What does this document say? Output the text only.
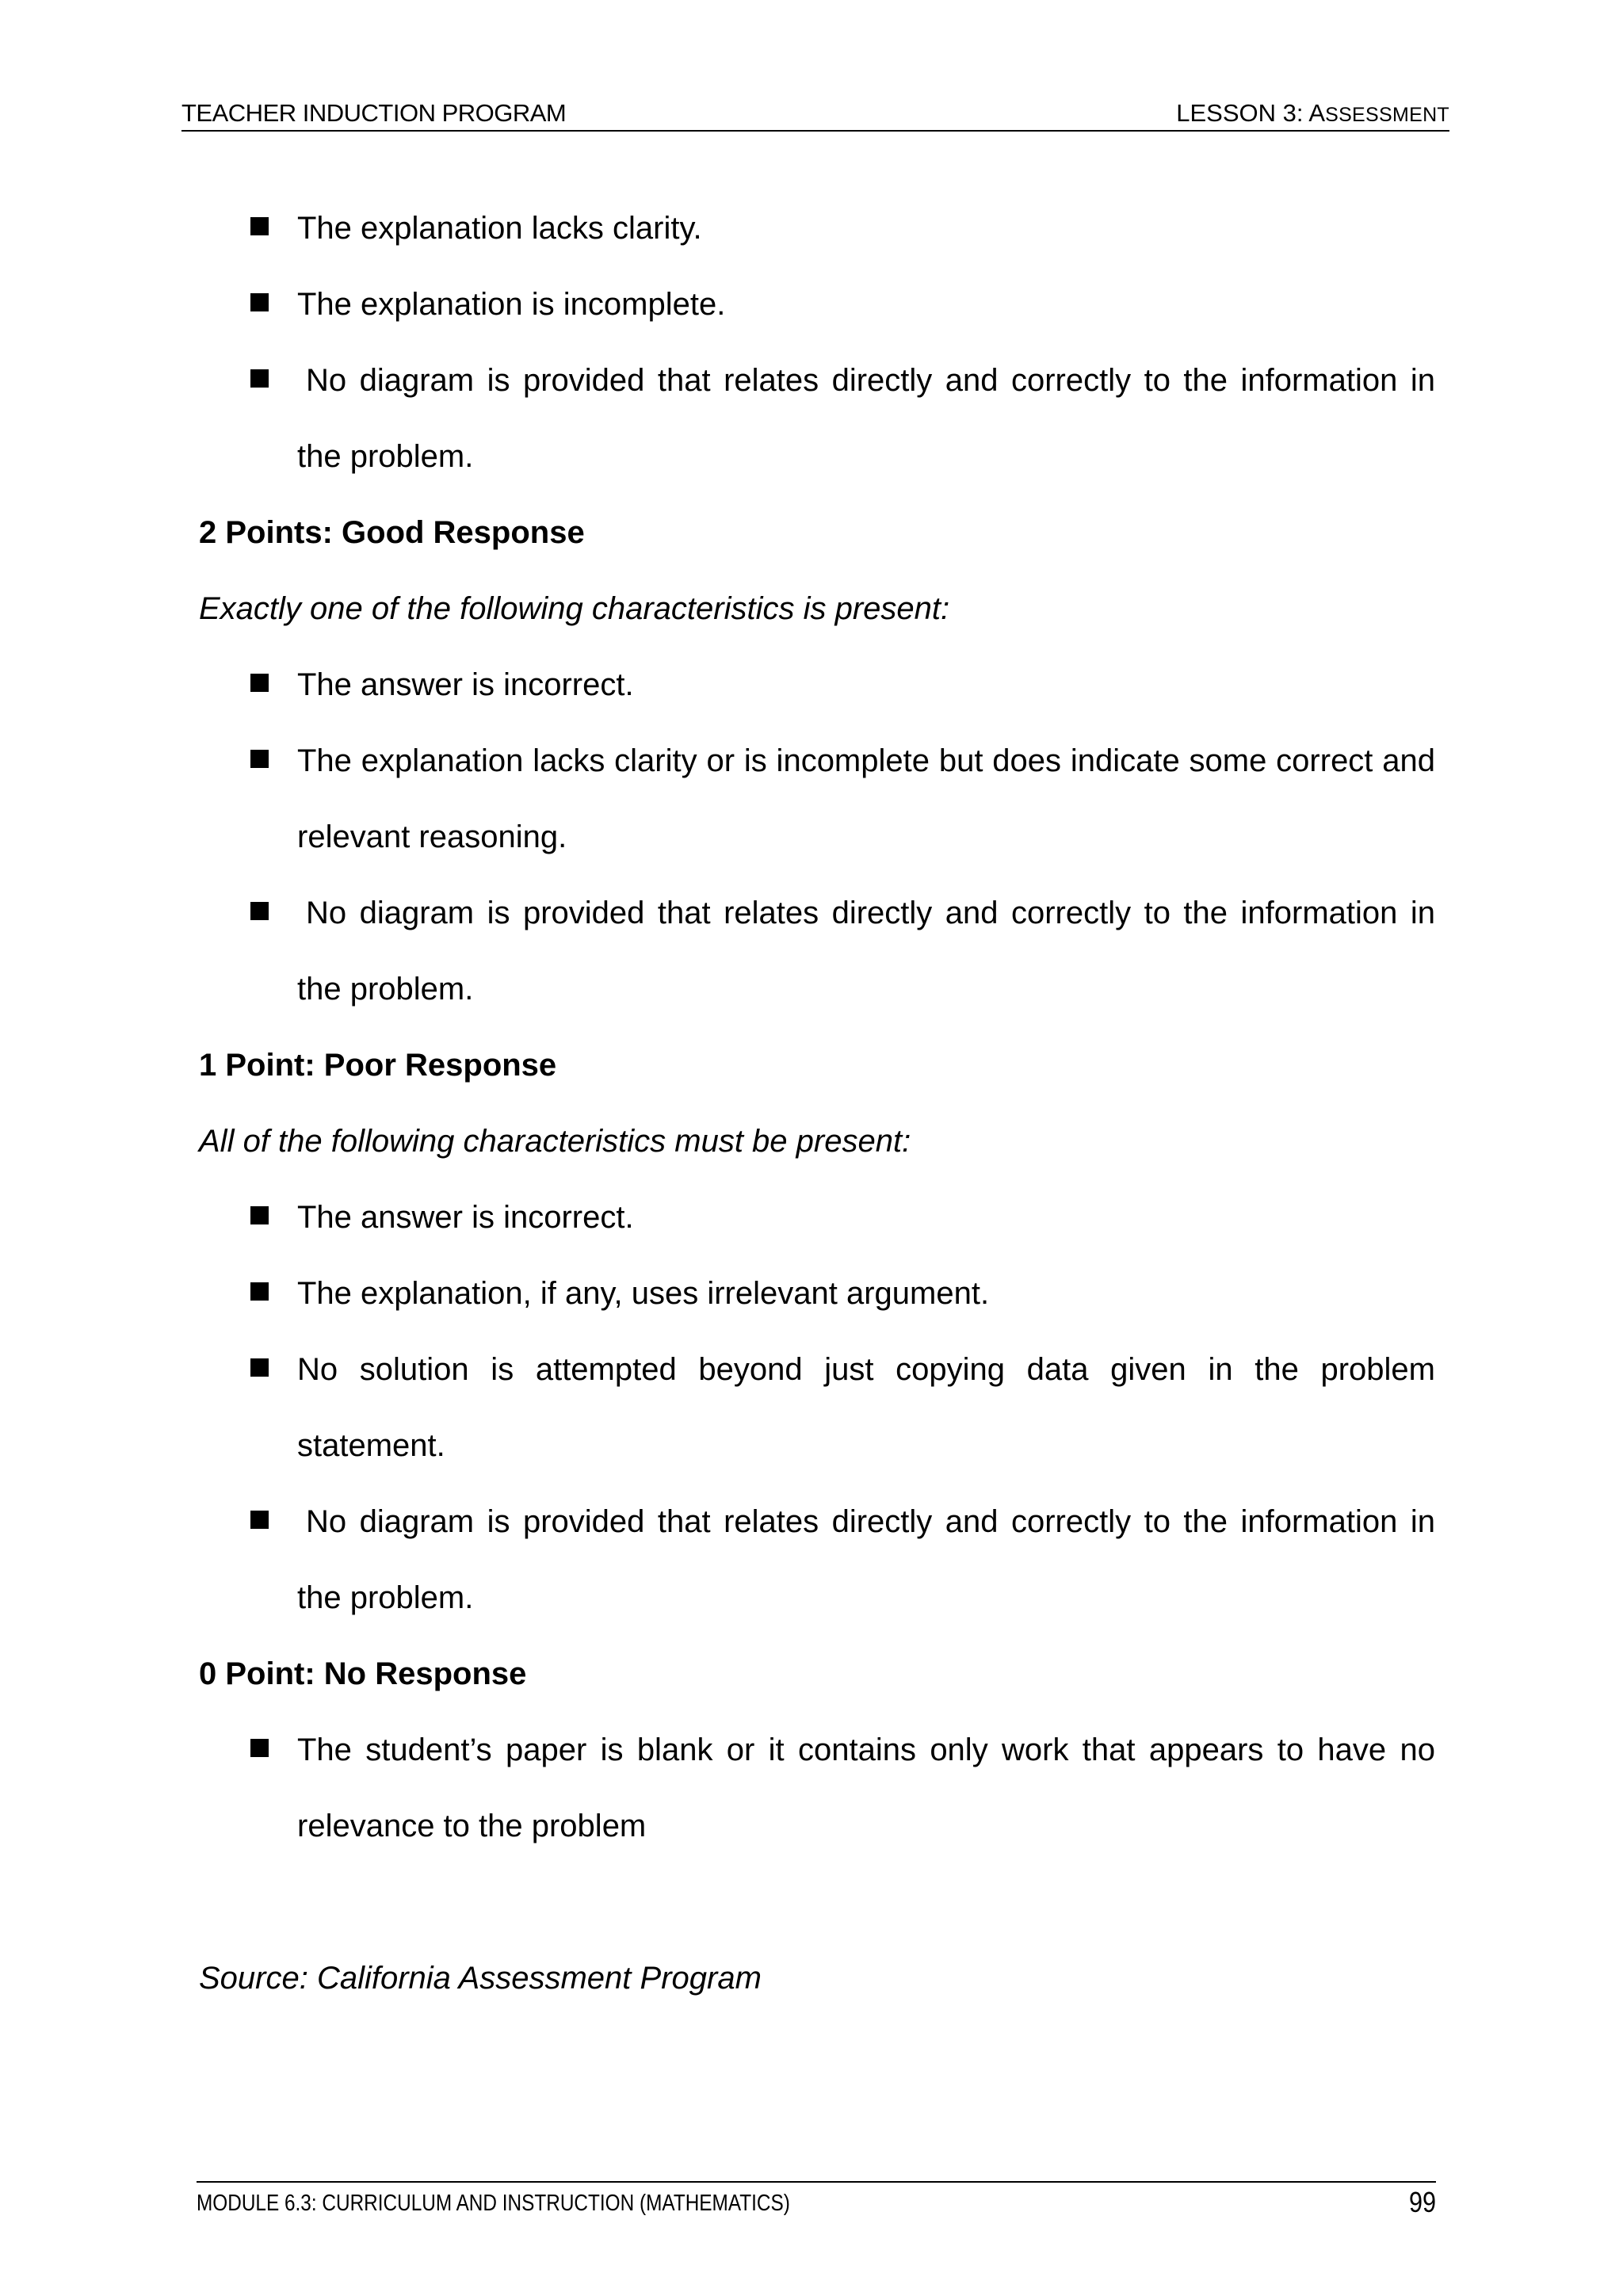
TEACHER INDUCTION PROGRAM	LESSON 3: ASSESSMENT
The explanation lacks clarity.
The explanation is incomplete.
No diagram is provided that relates directly and correctly to the information in the problem.
2 Points: Good Response
Exactly one of the following characteristics is present:
The answer is incorrect.
The explanation lacks clarity or is incomplete but does indicate some correct and relevant reasoning.
No diagram is provided that relates directly and correctly to the information in the problem.
1 Point: Poor Response
All of the following characteristics must be present:
The answer is incorrect.
The explanation, if any, uses irrelevant argument.
No solution is attempted beyond just copying data given in the problem statement.
No diagram is provided that relates directly and correctly to the information in the problem.
0 Point: No Response
The student’s paper is blank or it contains only work that appears to have no relevance to the problem
Source: California Assessment Program
MODULE 6.3: CURRICULUM AND INSTRUCTION (MATHEMATICS)	99
